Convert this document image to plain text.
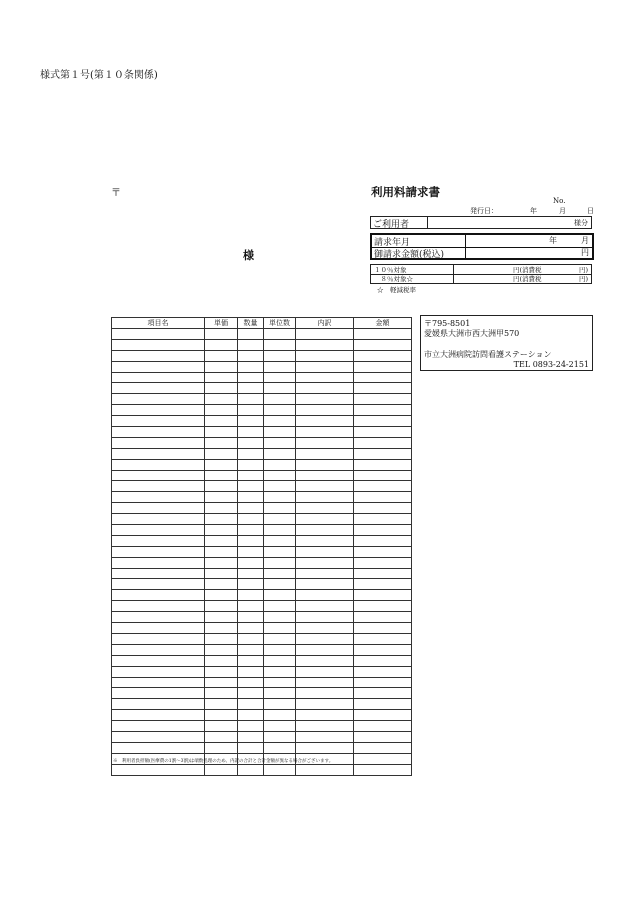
様式第１号(第１０条関係)
〒
様
利用料請求書
No.
発行日：	年	月	日
ご利用者	様分
請求年月	年	月
御請求金額(税込)	円
１０％対象	円(消費税	円)
　８％対象☆	円(消費税	円)
☆　軽減税率
項目名	単価	数量	単位数	内訳	金額

						〒795-8501
愛媛県大洲市西大洲甲570
市立大洲病院訪問看護ステーション
TEL 0893-24-2151
※　利用者負担額(医療費の1割～3割)は端数処理のため、内訳の合計と合計金額が異なる場合がございます。
